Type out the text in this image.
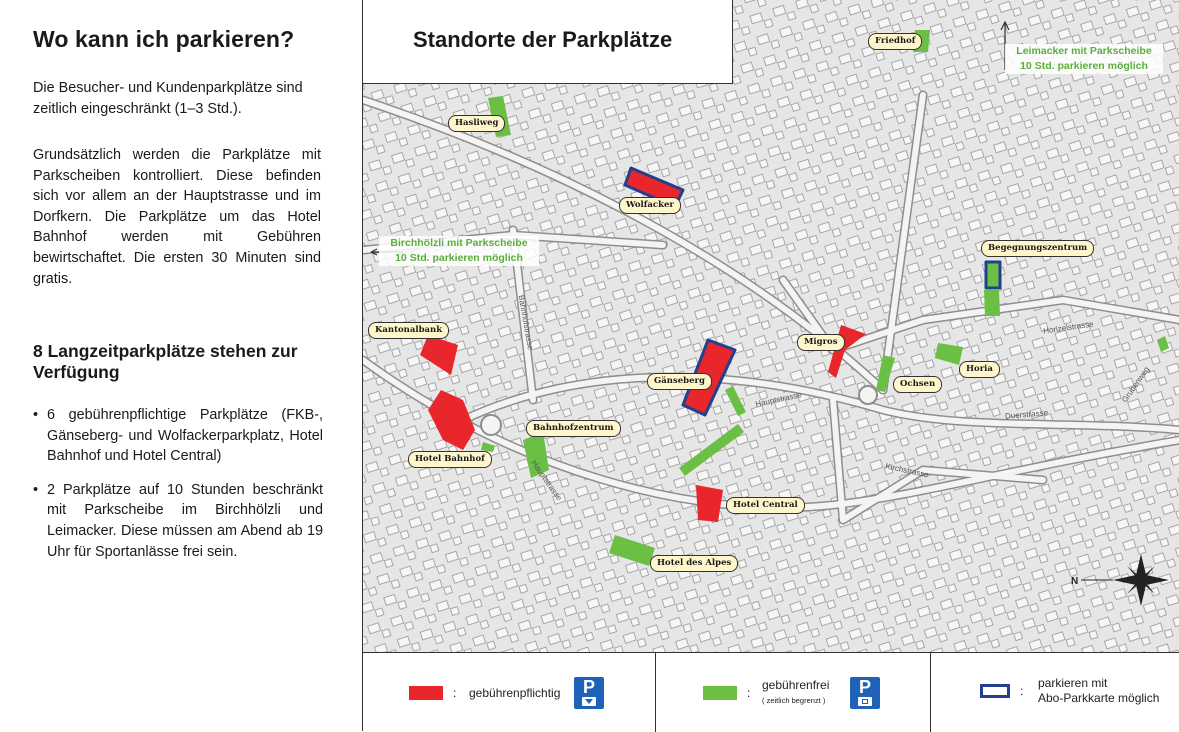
Wo kann ich parkieren?

Die Besucher- und Kundenparkplätze sind zeitlich eingeschränkt (1–3 Std.).

Grundsätzlich werden die Parkplätze mit Parkscheiben kontrolliert. Diese befinden sich vor allem an der Hauptstrasse und im Dorfkern. Die Parkplätze um das Hotel Bahnhof werden mit Gebühren bewirtschaftet. Die ersten 30 Minuten sind gratis.

8 Langzeitparkplätze stehen zur Verfügung
• 6 gebührenpflichtige Parkplätze (FKB-, Gänseberg- und Wolfackerparkplatz, Hotel Bahnhof und Hotel Central)
• 2 Parkplätze auf 10 Stunden beschränkt mit Parkscheibe im Birchhölzli und Leimacker. Diese müssen am Abend ab 19 Uhr für Sportanlässe frei sein.
N
Standorte der Parkplätze	Friedhof
Hasliweg
Wolfacker
Begegnungszentrum
Kantonalbank
Migros
Gänseberg	Ochsen
Horia
Bahnhofzentrum
Hotel Bahnhof
Hotel Central
Hotel des Alpes
Leimacker mit Parkscheibe
10 Std. parkieren möglich
Birchhölzli mit Parkscheibe
10 Std. parkieren möglich
Hauptstrasse
Hauptstrasse
Bahnhofstrasse
Duerstrasse
Kirchstrasse
Horizelstrasse
Grubenweg
: gebührenpflichtig	P	:
gebührenfrei
( zeitlich begrenzt )
P	:
parkieren mit
Abo-Parkkarte möglich
